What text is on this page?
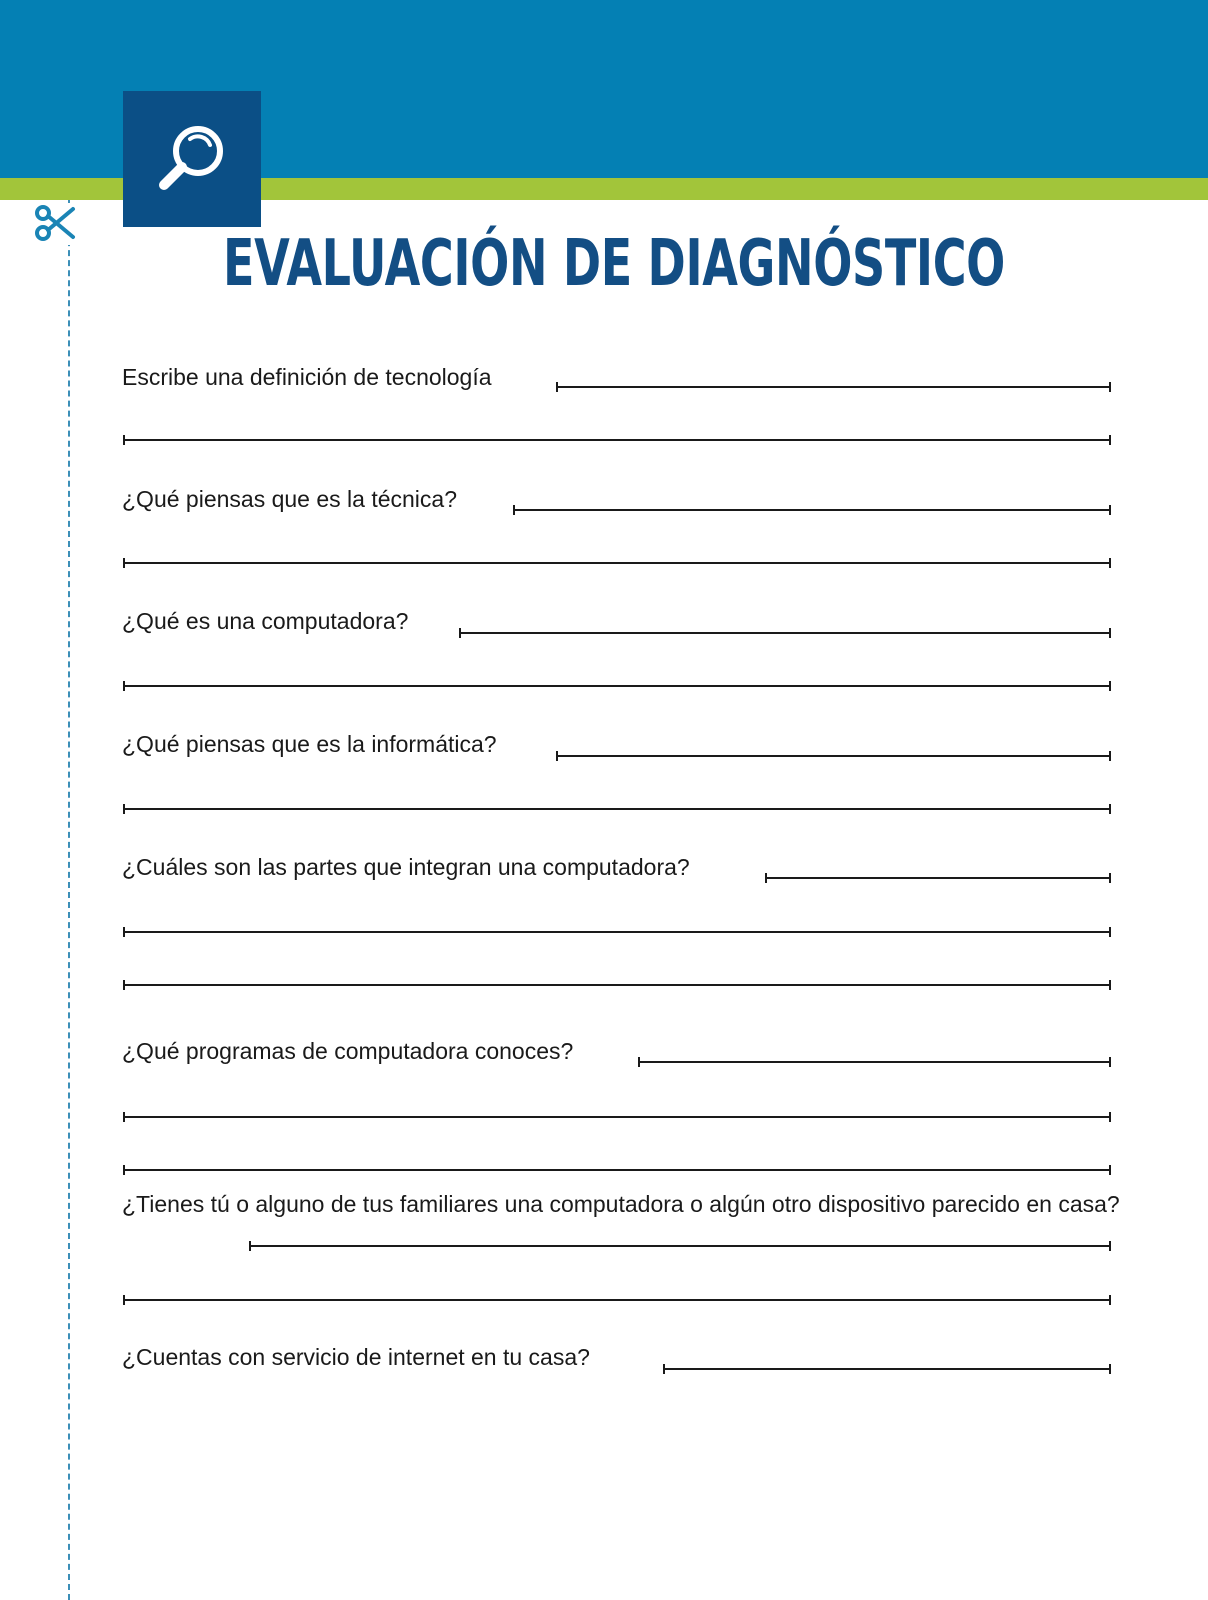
EVALUACIÓN DE DIAGNÓSTICO
Escribe una definición de tecnología
¿Qué piensas que es la técnica?
¿Qué es una computadora?
¿Qué piensas que es la informática?
¿Cuáles son las partes que integran una computadora?
¿Qué programas de computadora conoces?
¿Tienes tú o alguno de tus familiares una computadora o algún otro dispositivo parecido en casa?
¿Cuentas con servicio de internet en tu casa?
